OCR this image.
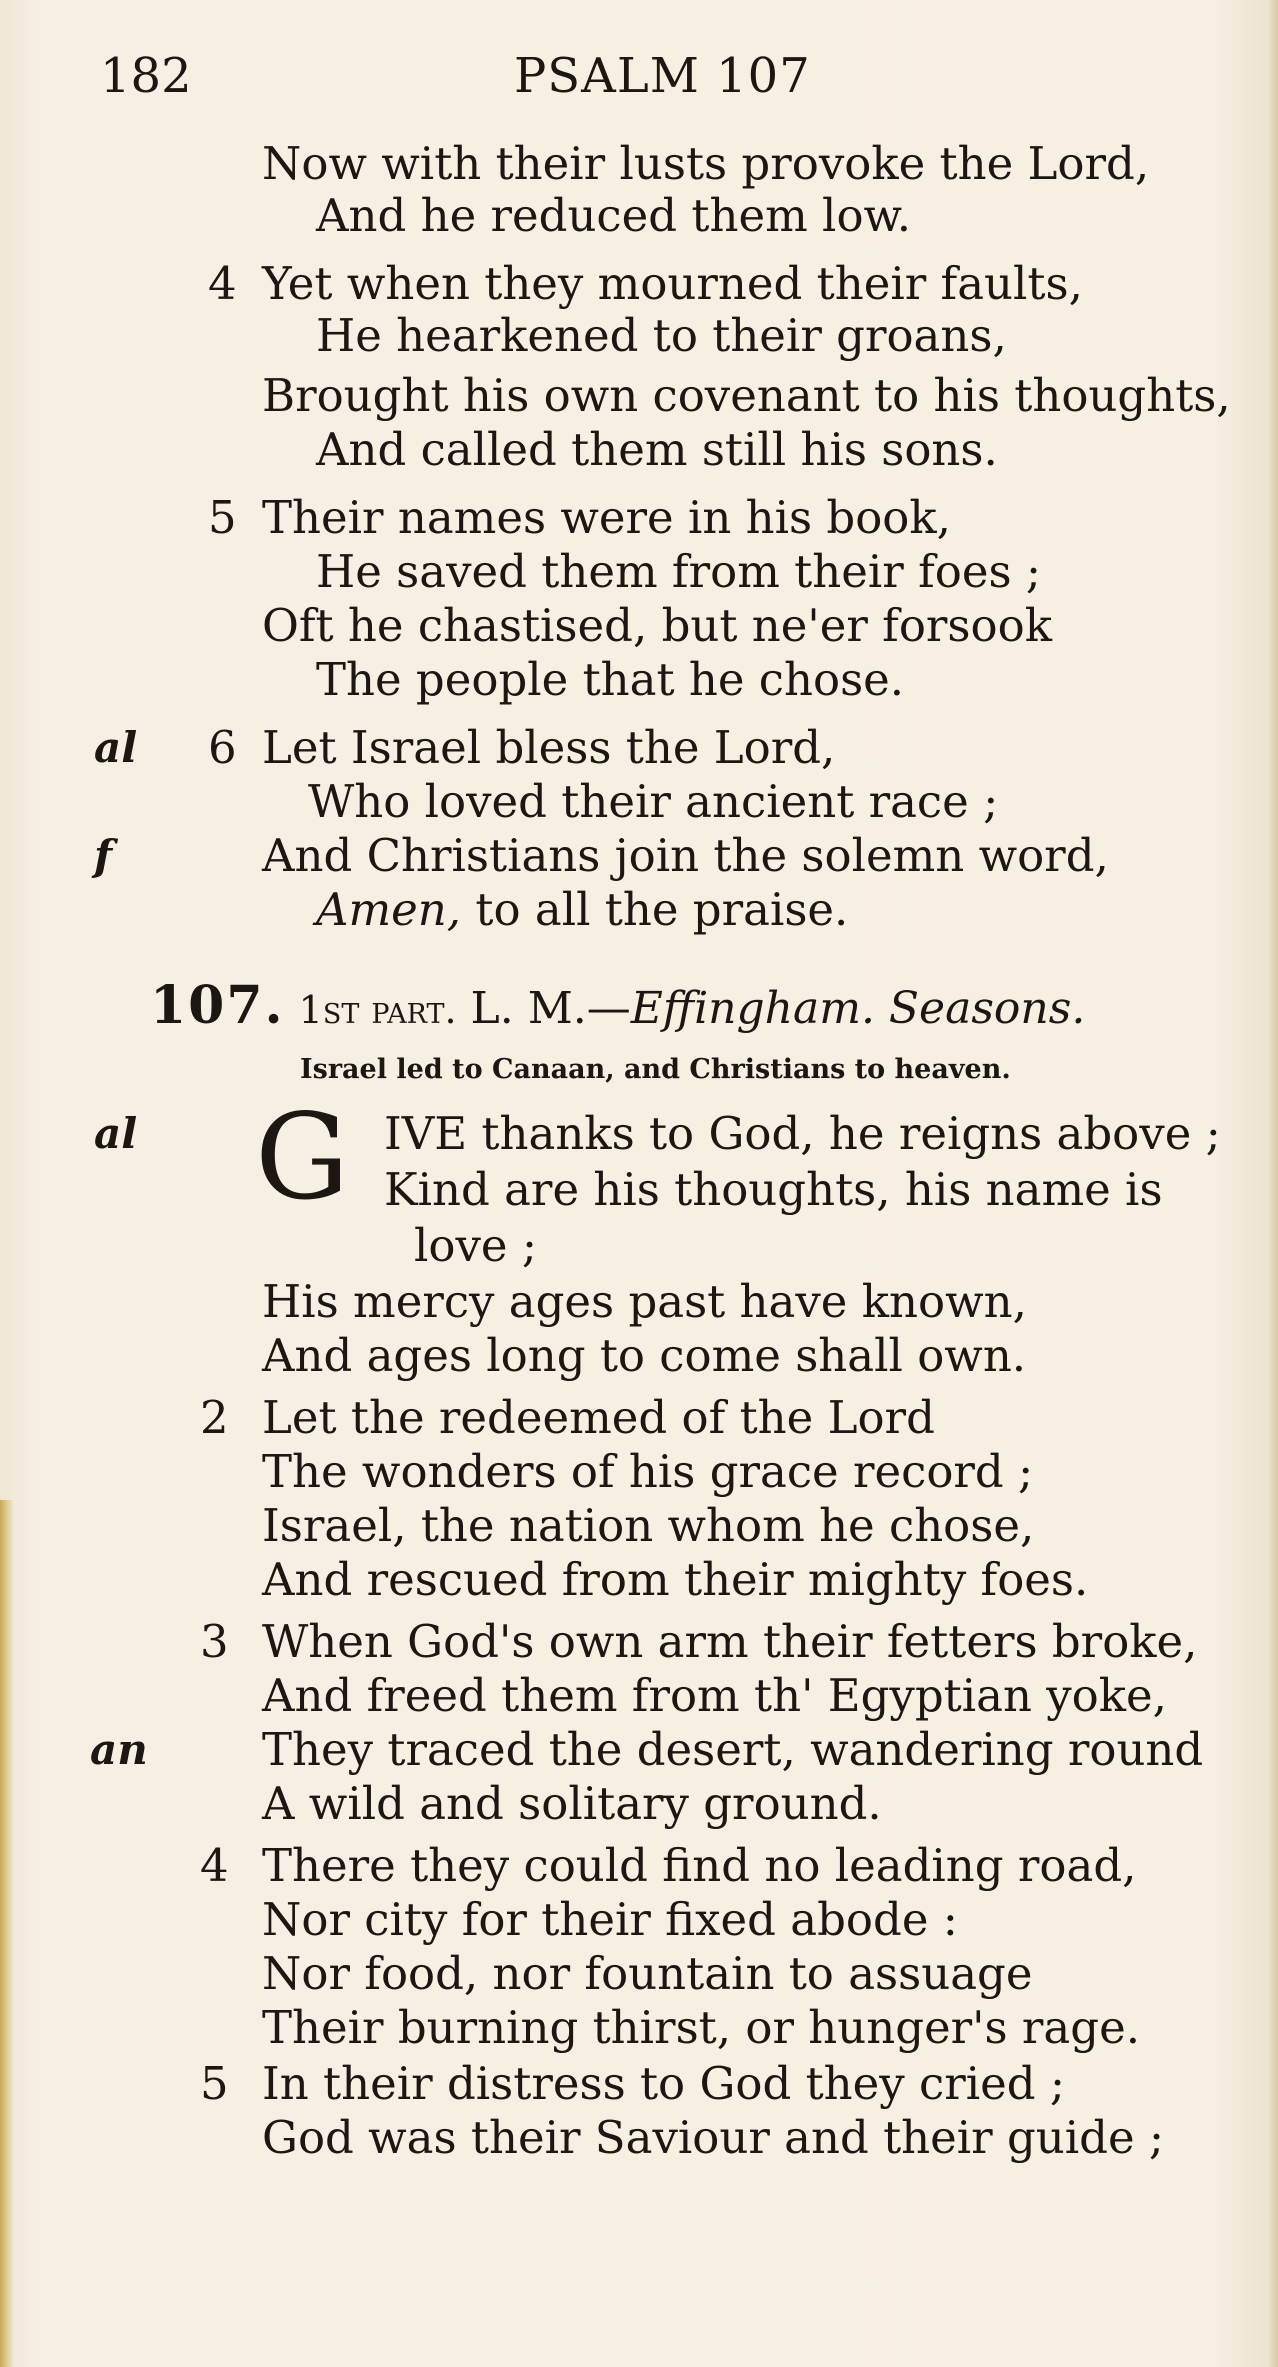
182	PSALM 107
Now with their lusts provoke the Lord,
And he reduced them low.
4 Yet when they mourned their faults,
He hearkened to their groans,
Brought his own covenant to his thoughts,
And called them still his sons.
5 Their names were in his book,
He saved them from their foes ;
Oft he chastised, but ne'er forsook
The people that he chose.
al 6 Let Israel bless the Lord,
Who loved their ancient race ;
f	And Christians join the solemn word,
Amen, to all the praise.
107. 1st part. L. M.—Effingham. Seasons.
Israel led to Canaan, and Christians to heaven.
al G IVE thanks to God, he reigns above ;
Kind are his thoughts, his name is
love ;
His mercy ages past have known,
And ages long to come shall own.
2 Let the redeemed of the Lord
The wonders of his grace record ;
Israel, the nation whom he chose,
And rescued from their mighty foes.
3 When God's own arm their fetters broke,
And freed them from th' Egyptian yoke,
an	They traced the desert, wandering round
A wild and solitary ground.
4 There they could find no leading road,
Nor city for their fixed abode :
Nor food, nor fountain to assuage
Their burning thirst, or hunger's rage.
5 In their distress to God they cried ;
God was their Saviour and their guide ;
